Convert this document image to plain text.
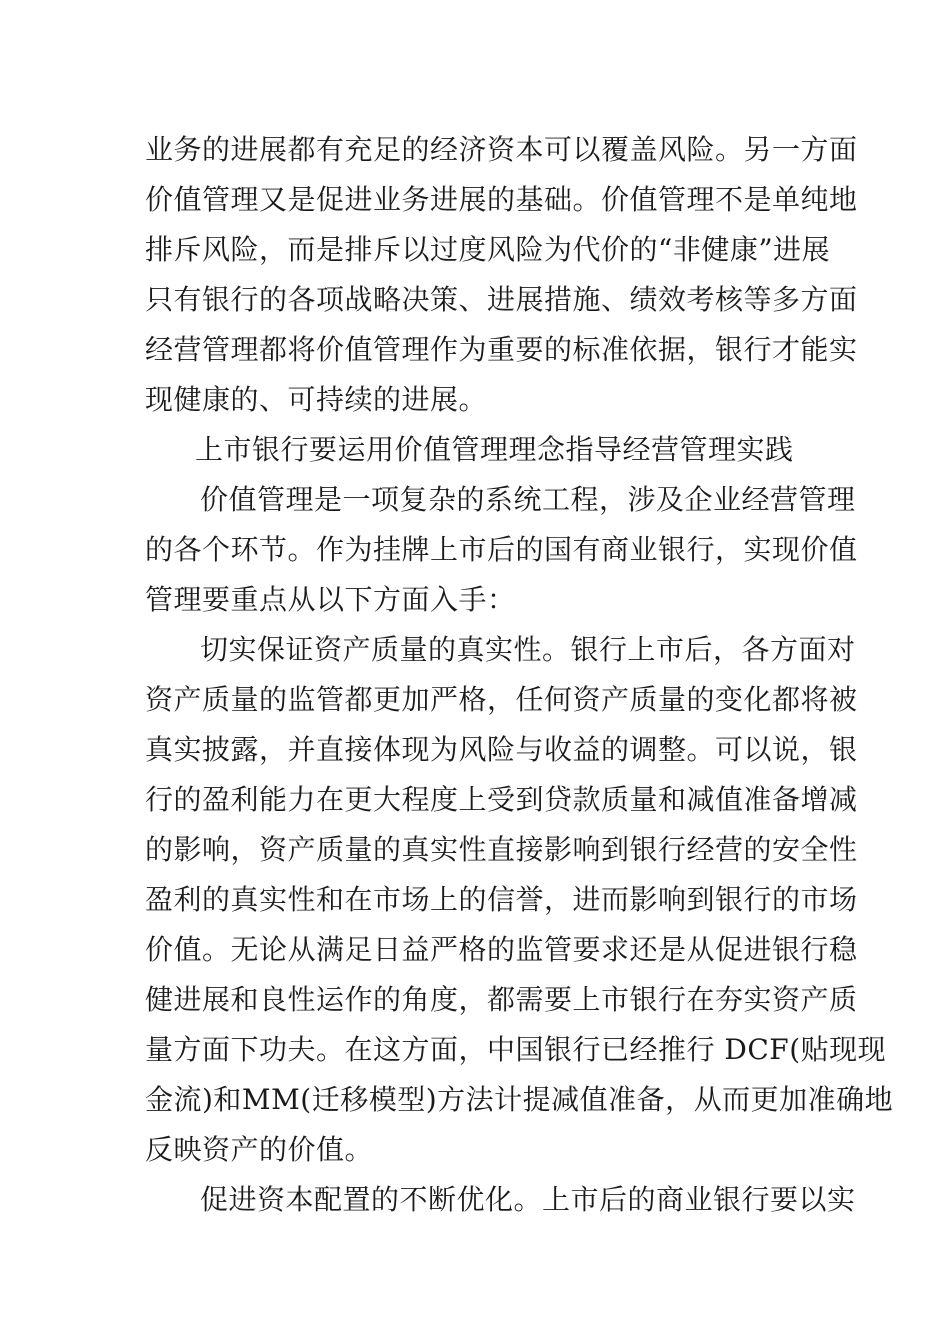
业务的进展都有充足的经济资本可以覆盖风险。另一方面
价值管理又是促进业务进展的基础。价值管理不是单纯地
排斥风险，而是排斥以过度风险为代价的“非健康”进展
只有银行的各项战略决策、进展措施、绩效考核等多方面
经营管理都将价值管理作为重要的标准依据，银行才能实
现健康的、可持续的进展。
上市银行要运用价值管理理念指导经营管理实践
价值管理是一项复杂的系统工程，涉及企业经营管理
的各个环节。作为挂牌上市后的国有商业银行，实现价值
管理要重点从以下方面入手：
切实保证资产质量的真实性。银行上市后，各方面对
资产质量的监管都更加严格，任何资产质量的变化都将被
真实披露，并直接体现为风险与收益的调整。可以说，银
行的盈利能力在更大程度上受到贷款质量和减值准备增减
的影响，资产质量的真实性直接影响到银行经营的安全性
盈利的真实性和在市场上的信誉，进而影响到银行的市场
价值。无论从满足日益严格的监管要求还是从促进银行稳
健进展和良性运作的角度，都需要上市银行在夯实资产质
量方面下功夫。在这方面，中国银行已经推行 DCF(贴现现
金流)和MM(迁移模型)方法计提减值准备，从而更加准确地
反映资产的价值。
促进资本配置的不断优化。上市后的商业银行要以实
